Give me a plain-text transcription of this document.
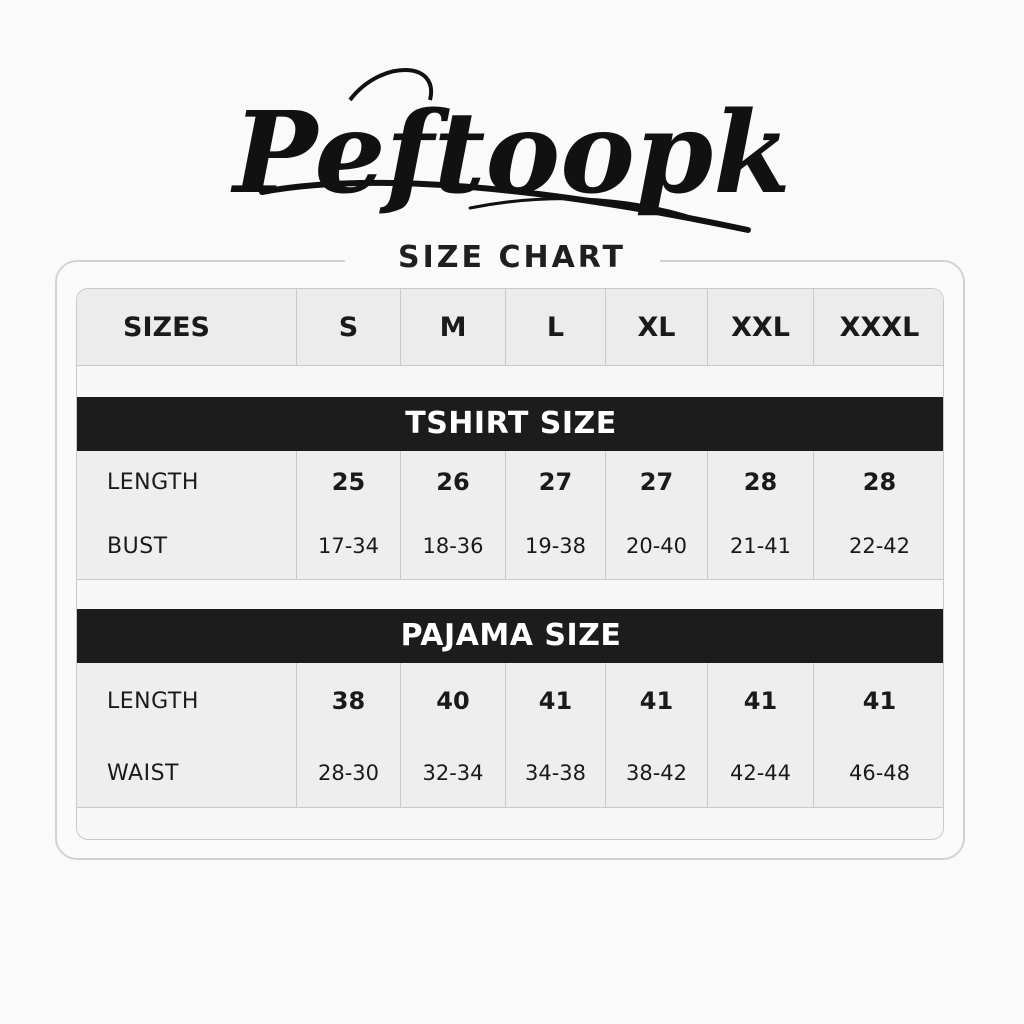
Peftoopk
SIZE CHART
SIZES	S	M	L	XL	XXL	XXXL
TSHIRT SIZE
LENGTH	25	26	27	27	28	28
BUST	17-34	18-36	19-38	20-40	21-41	22-42
PAJAMA SIZE
LENGTH	38	40	41	41	41	41
WAIST	28-30	32-34	34-38	38-42	42-44	46-48
